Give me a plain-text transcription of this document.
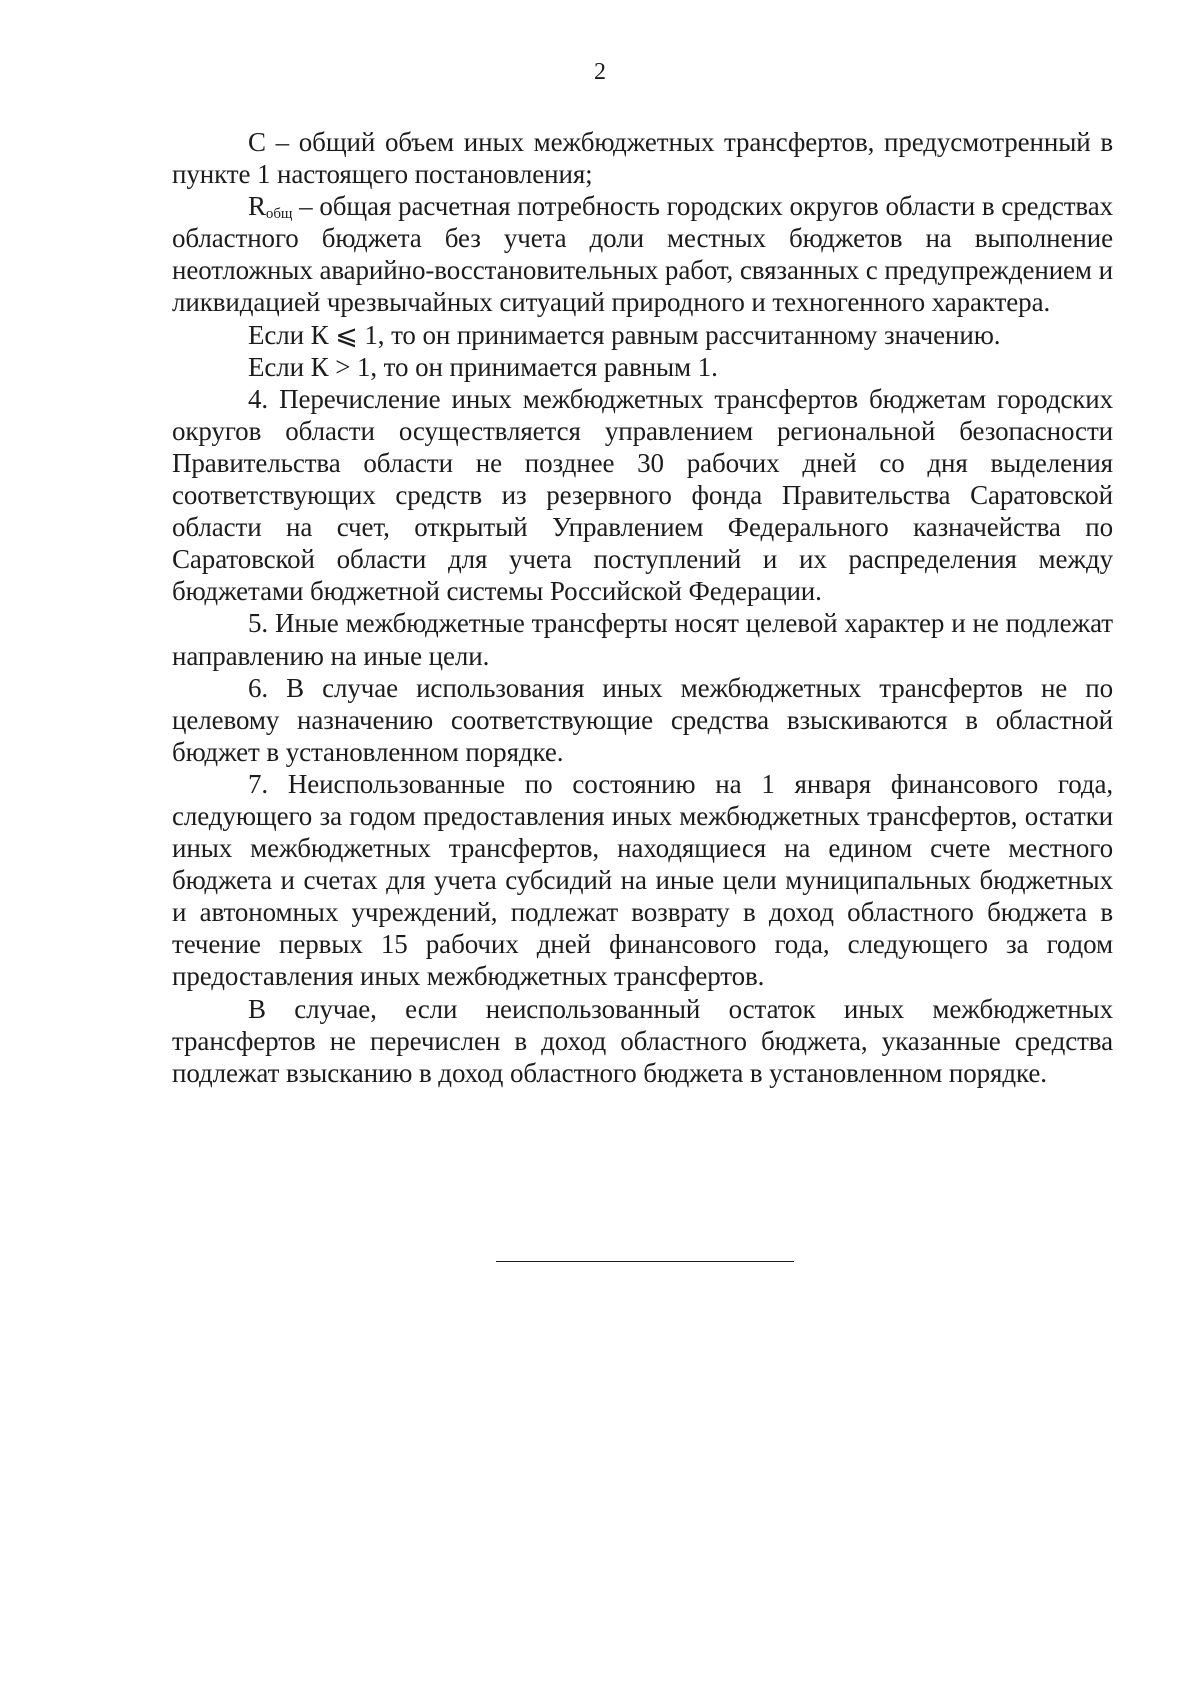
2

С – общий объем иных межбюджетных трансфертов, предусмотренный в пункте 1 настоящего постановления;

$R_{общ}$ – общая расчетная потребность городских округов области в средствах областного бюджета без учета доли местных бюджетов на выполнение неотложных аварийно-восстановительных работ, связанных с предупреждением и ликвидацией чрезвычайных ситуаций природного и техногенного характера.

Если К ⩽ 1, то он принимается равным рассчитанному значению.

Если К > 1, то он принимается равным 1.

4. Перечисление иных межбюджетных трансфертов бюджетам городских округов области осуществляется управлением региональной безопасности Правительства области не позднее 30 рабочих дней со дня выделения соответствующих средств из резервного фонда Правительства Саратовской области на счет, открытый Управлением Федерального казначейства по Саратовской области для учета поступлений и их распределения между бюджетами бюджетной системы Российской Федерации.

5. Иные межбюджетные трансферты носят целевой характер и не подлежат направлению на иные цели.

6. В случае использования иных межбюджетных трансфертов не по целевому назначению соответствующие средства взыскиваются в областной бюджет в установленном порядке.

7. Неиспользованные по состоянию на 1 января финансового года, следующего за годом предоставления иных межбюджетных трансфертов, остатки иных межбюджетных трансфертов, находящиеся на едином счете местного бюджета и счетах для учета субсидий на иные цели муниципальных бюджетных и автономных учреждений, подлежат возврату в доход областного бюджета в течение первых 15 рабочих дней финансового года, следующего за годом предоставления иных межбюджетных трансфертов.

В случае, если неиспользованный остаток иных межбюджетных трансфертов не перечислен в доход областного бюджета, указанные средства подлежат взысканию в доход областного бюджета в установленном порядке.
